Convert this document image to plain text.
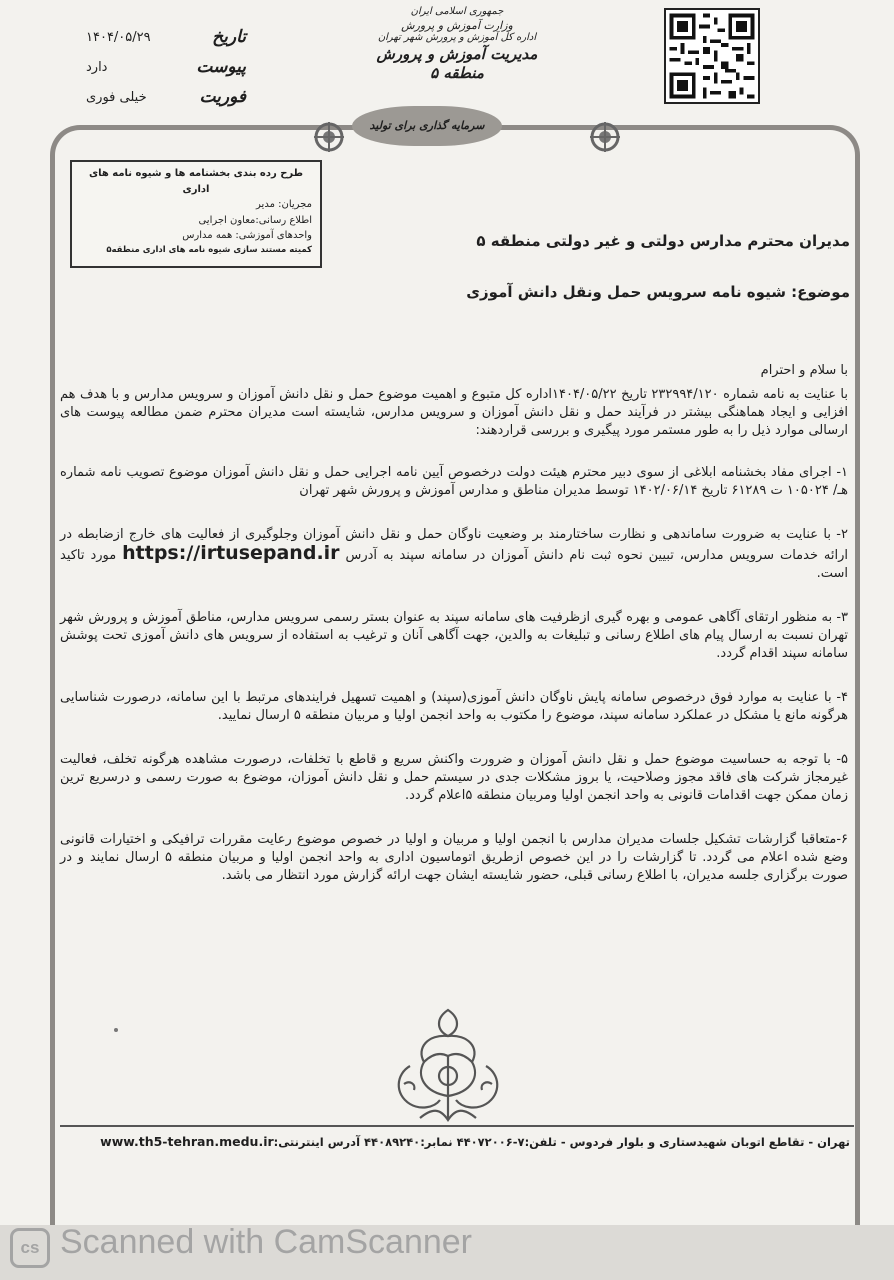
جمهوری اسلامی ایران
وزارت آموزش و پرورش
اداره کل آموزش و پرورش شهر تهران
مدیریت آموزش و پرورش منطقه ۵
تاریخ
۱۴۰۴/۰۵/۲۹
پیوست
دارد
فوریت
خیلی فوری
سرمایه گذاری برای تولید
طرح رده بندی بخشنامه ها و شیوه نامه های اداری
مجریان: مدیر
اطلاع رسانی:معاون اجرایی
واحدهای آموزشی: همه مدارس
کمیته مستند سازی شیوه نامه های اداری منطقه۵	مدیران محترم مدارس دولتی و غیر دولتی منطقه ۵
موضوع: شیوه نامه سرویس حمل ونقل دانش آموزی

با سلام و احترام

با عنایت به نامه شماره ۲۳۲۹۹۴/۱۲۰ تاریخ ۱۴۰۴/۰۵/۲۲اداره کل متبوع و اهمیت موضوع حمل و نقل دانش آموزان و سرویس مدارس و با هدف هم افزایی و ایجاد هماهنگی بیشتر در فرآیند حمل و نقل دانش آموزان و سرویس مدارس، شایسته است مدیران محترم ضمن مطالعه پیوست های ارسالی موارد ذیل را به طور مستمر مورد پیگیری و بررسی قراردهند:

۱- اجرای مفاد بخشنامه ابلاغی از سوی دبیر محترم هیئت دولت درخصوص آیین نامه اجرایی حمل و نقل دانش آموزان موضوع تصویب نامه شماره هـ/ ۱۰۵۰۲۴ ت ۶۱۲۸۹ تاریخ ۱۴۰۲/۰۶/۱۴ توسط مدیران مناطق و مدارس آموزش و پرورش شهر تهران

۲- با عنایت به ضرورت ساماندهی و نظارت ساختارمند بر وضعیت ناوگان حمل و نقل دانش آموزان وجلوگیری از فعالیت های خارج ازضابطه در ارائه خدمات سرویس مدارس، تبیین نحوه ثبت نام دانش آموزان در سامانه سپند به آدرس https://irtusepand.ir مورد تاکید است.

۳- به منظور ارتقای آگاهی عمومی و بهره گیری ازظرفیت های سامانه سپند به عنوان بستر رسمی سرویس مدارس، مناطق آموزش و پرورش شهر تهران نسبت به ارسال پیام های اطلاع رسانی و تبلیغات به والدین، جهت آگاهی آنان و ترغیب به استفاده از سرویس های دانش آموزی تحت پوشش سامانه سپند اقدام گردد.

۴- با عنایت به موارد فوق درخصوص سامانه پایش ناوگان دانش آموزی(سپند) و اهمیت تسهیل فرایندهای مرتبط با این سامانه، درصورت شناسایی هرگونه مانع یا مشکل در عملکرد سامانه سپند، موضوع را مکتوب به واحد انجمن اولیا و مربیان منطقه ۵ ارسال نمایید.

۵- با توجه به حساسیت موضوع حمل و نقل دانش آموزان و ضرورت واکنش سریع و قاطع با تخلفات، درصورت مشاهده هرگونه تخلف، فعالیت غیرمجاز شرکت های فاقد مجوز وصلاحیت، یا بروز مشکلات جدی در سیستم حمل و نقل دانش آموزان، موضوع به صورت رسمی و درسریع ترین زمان ممکن جهت اقدامات قانونی به واحد انجمن اولیا ومربیان منطقه ۵اعلام گردد.

۶-متعاقبا گزارشات تشکیل جلسات مدیران مدارس با انجمن اولیا و مربیان و اولیا در خصوص موضوع رعایت مقررات ترافیکی و اختیارات قانونی وضع شده اعلام می گردد. تا گزارشات را در این خصوص ازطریق اتوماسیون اداری به واحد انجمن اولیا و مربیان منطقه ۵ ارسال نمایند و در صورت برگزاری جلسه مدیران، با اطلاع رسانی قبلی، حضور شایسته ایشان جهت ارائه گزارش مورد انتظار می باشد.

تهران - تقاطع اتوبان شهیدستاری و بلوار فردوس - تلفن:۷-۴۴۰۷۲۰۰۶ نمابر:۴۴۰۸۹۲۴۰ آدرس اینترنتی:www.th5-tehran.medu.ir
cs Scanned with CamScanner
